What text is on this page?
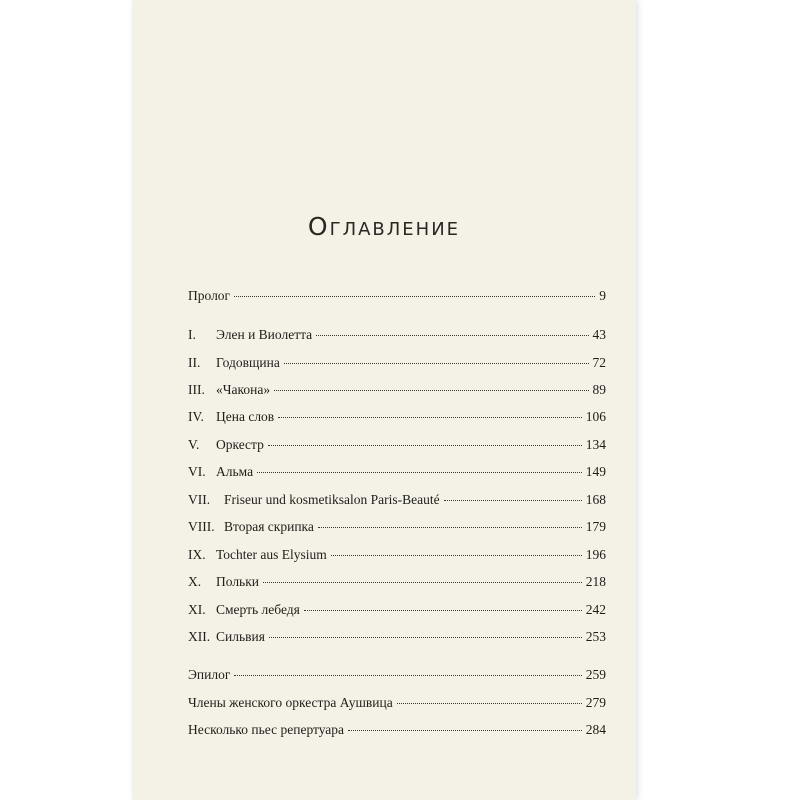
Оглавление
Пролог	9
I.	Элен и Виолетта	43
II.	Годовщина	72
III. «Чакона»	89
IV. Цена слов	106
V.	Оркестр	134
VI. Альма	149
VII.	Friseur und kosmetiksalon Paris-Beauté	168
VIII. Вторая скрипка	179
IX. Tochter aus Elysium	196
X.	Польки	218
XI. Смерть лебедя	242
XII. Сильвия	253
Эпилог	259
Члены женского оркестра Аушвица	279
Несколько пьес репертуара	284
